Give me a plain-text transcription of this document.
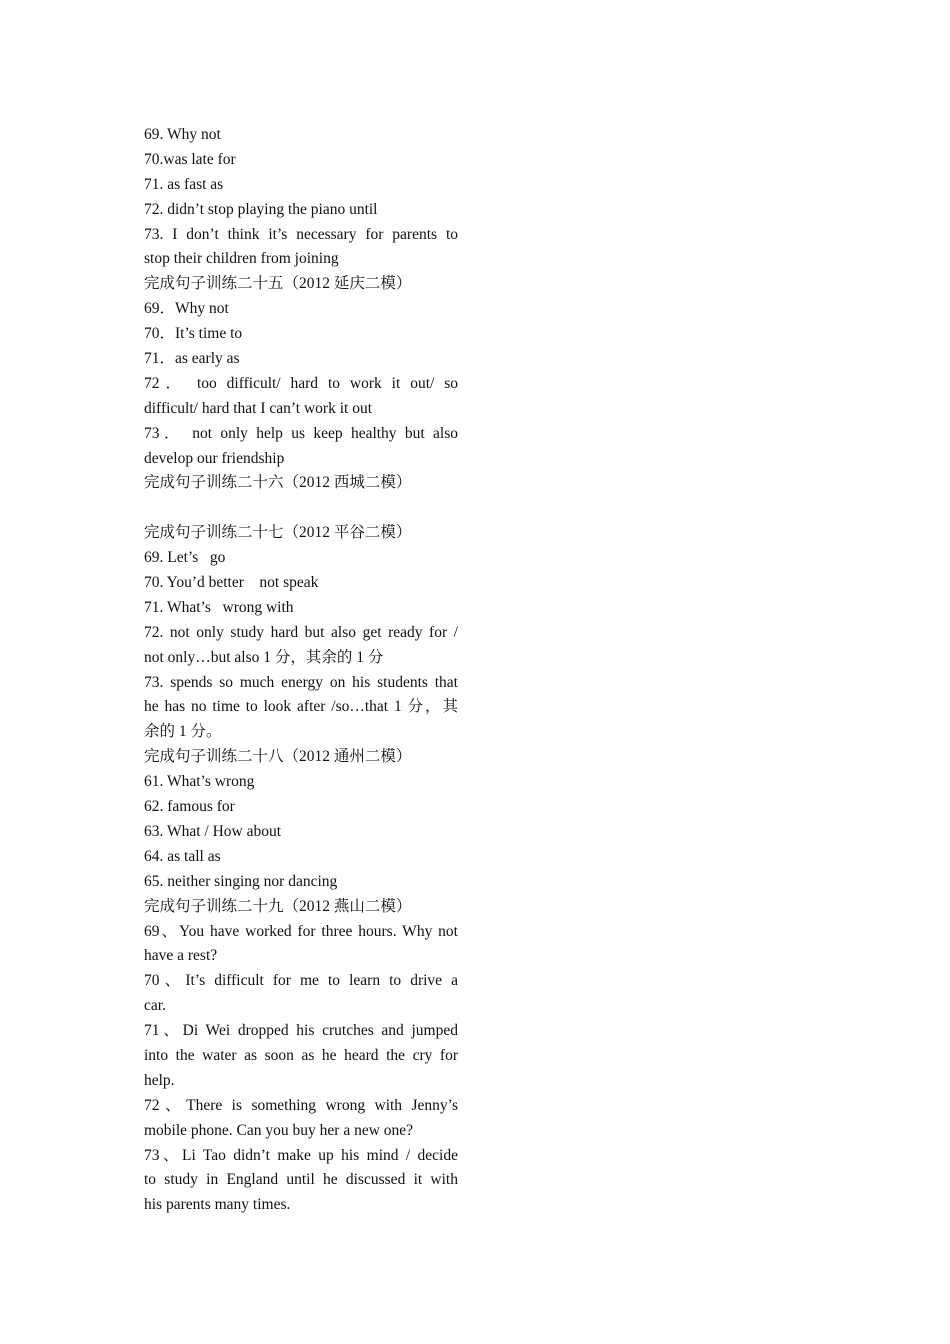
69. Why not
70.was late for
71. as fast as
72. didn’t stop playing the piano until
73. I don’t think it’s necessary for parents to
stop their children from joining
完成句子训练二十五（2012 延庆二模）
69．Why not
70．It’s time to
71．as early as
72． too difficult/ hard to work it out/ so
difficult/ hard that I can’t work it out
73． not only help us keep healthy but also
develop our friendship
完成句子训练二十六（2012 西城二模）
完成句子训练二十七（2012 平谷二模）
69. Let’s   go
70. You’d better    not speak
71. What’s   wrong with
72. not only study hard but also get ready for /
not only…but also 1 分，其余的 1 分
73. spends so much energy on his students that
he has no time to look after /so…that 1 分，其
余的 1 分。
完成句子训练二十八（2012 通州二模）
61. What’s wrong
62. famous for
63. What / How about
64. as tall as
65. neither singing nor dancing
完成句子训练二十九（2012 燕山二模）
69、You have worked for three hours. Why not
have a rest?
70、It’s difficult for me to learn to drive a
car.
71、Di Wei dropped his crutches and jumped
into the water as soon as he heard the cry for
help.
72、There is something wrong with Jenny’s
mobile phone. Can you buy her a new one?
73、Li Tao didn’t make up his mind / decide
to study in England until he discussed it with
his parents many times.
